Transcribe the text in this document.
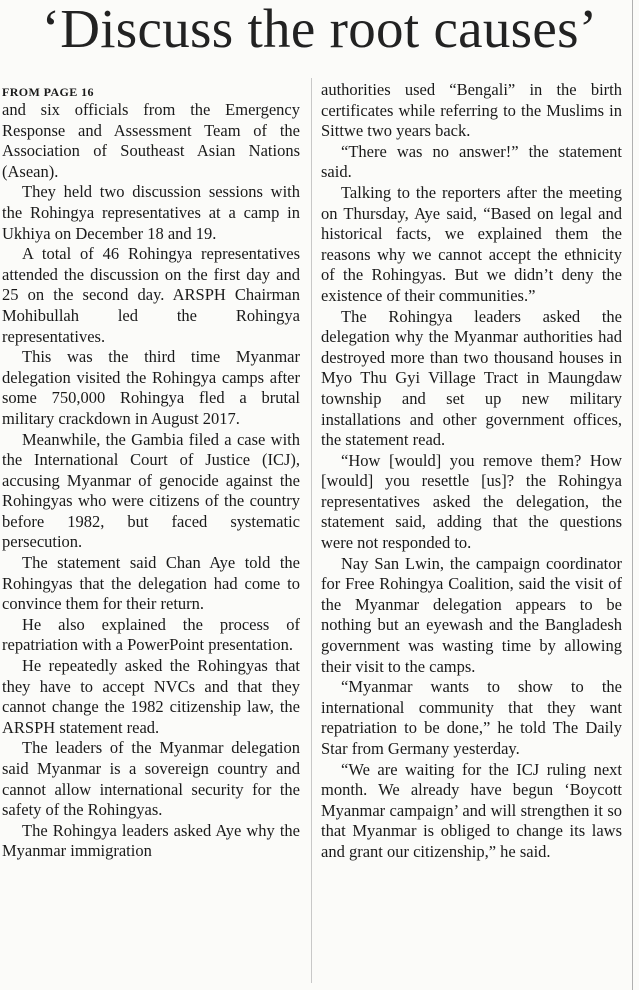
‘Discuss the root causes’
FROM PAGE 16

and six officials from the Emergency Response and Assessment Team of the Association of Southeast Asian Nations (Asean).

They held two discussion sessions with the Rohingya representatives at a camp in Ukhiya on December 18 and 19.

A total of 46 Rohingya representatives attended the discussion on the first day and 25 on the second day. ARSPH Chairman Mohibullah led the Rohingya representatives.

This was the third time Myanmar delegation visited the Rohingya camps after some 750,000 Rohingya fled a brutal military crackdown in August 2017.

Meanwhile, the Gambia filed a case with the International Court of Justice (ICJ), accusing Myanmar of genocide against the Rohingyas who were citizens of the country before 1982, but faced systematic persecution.

The statement said Chan Aye told the Rohingyas that the delegation had come to convince them for their return.

He also explained the process of repatriation with a PowerPoint presentation.

He repeatedly asked the Rohingyas that they have to accept NVCs and that they cannot change the 1982 citizenship law, the ARSPH statement read.

The leaders of the Myanmar delegation said Myanmar is a sovereign country and cannot allow international security for the safety of the Rohingyas.

The Rohingya leaders asked Aye why the Myanmar immigration

authorities used “Bengali” in the birth certificates while referring to the Muslims in Sittwe two years back.

“There was no answer!” the statement said.

Talking to the reporters after the meeting on Thursday, Aye said, “Based on legal and historical facts, we explained them the reasons why we cannot accept the ethnicity of the Rohingyas. But we didn’t deny the existence of their communities.”

The Rohingya leaders asked the delegation why the Myanmar authorities had destroyed more than two thousand houses in Myo Thu Gyi Village Tract in Maungdaw township and set up new military installations and other government offices, the statement read.

“How [would] you remove them? How [would] you resettle [us]? the Rohingya representatives asked the delegation, the statement said, adding that the questions were not responded to.

Nay San Lwin, the campaign coordinator for Free Rohingya Coalition, said the visit of the Myanmar delegation appears to be nothing but an eyewash and the Bangladesh government was wasting time by allowing their visit to the camps.

“Myanmar wants to show to the international community that they want repatriation to be done,” he told The Daily Star from Germany yesterday.

“We are waiting for the ICJ ruling next month. We already have begun ‘Boycott Myanmar campaign’ and will strengthen it so that Myanmar is obliged to change its laws and grant our citizenship,” he said.
